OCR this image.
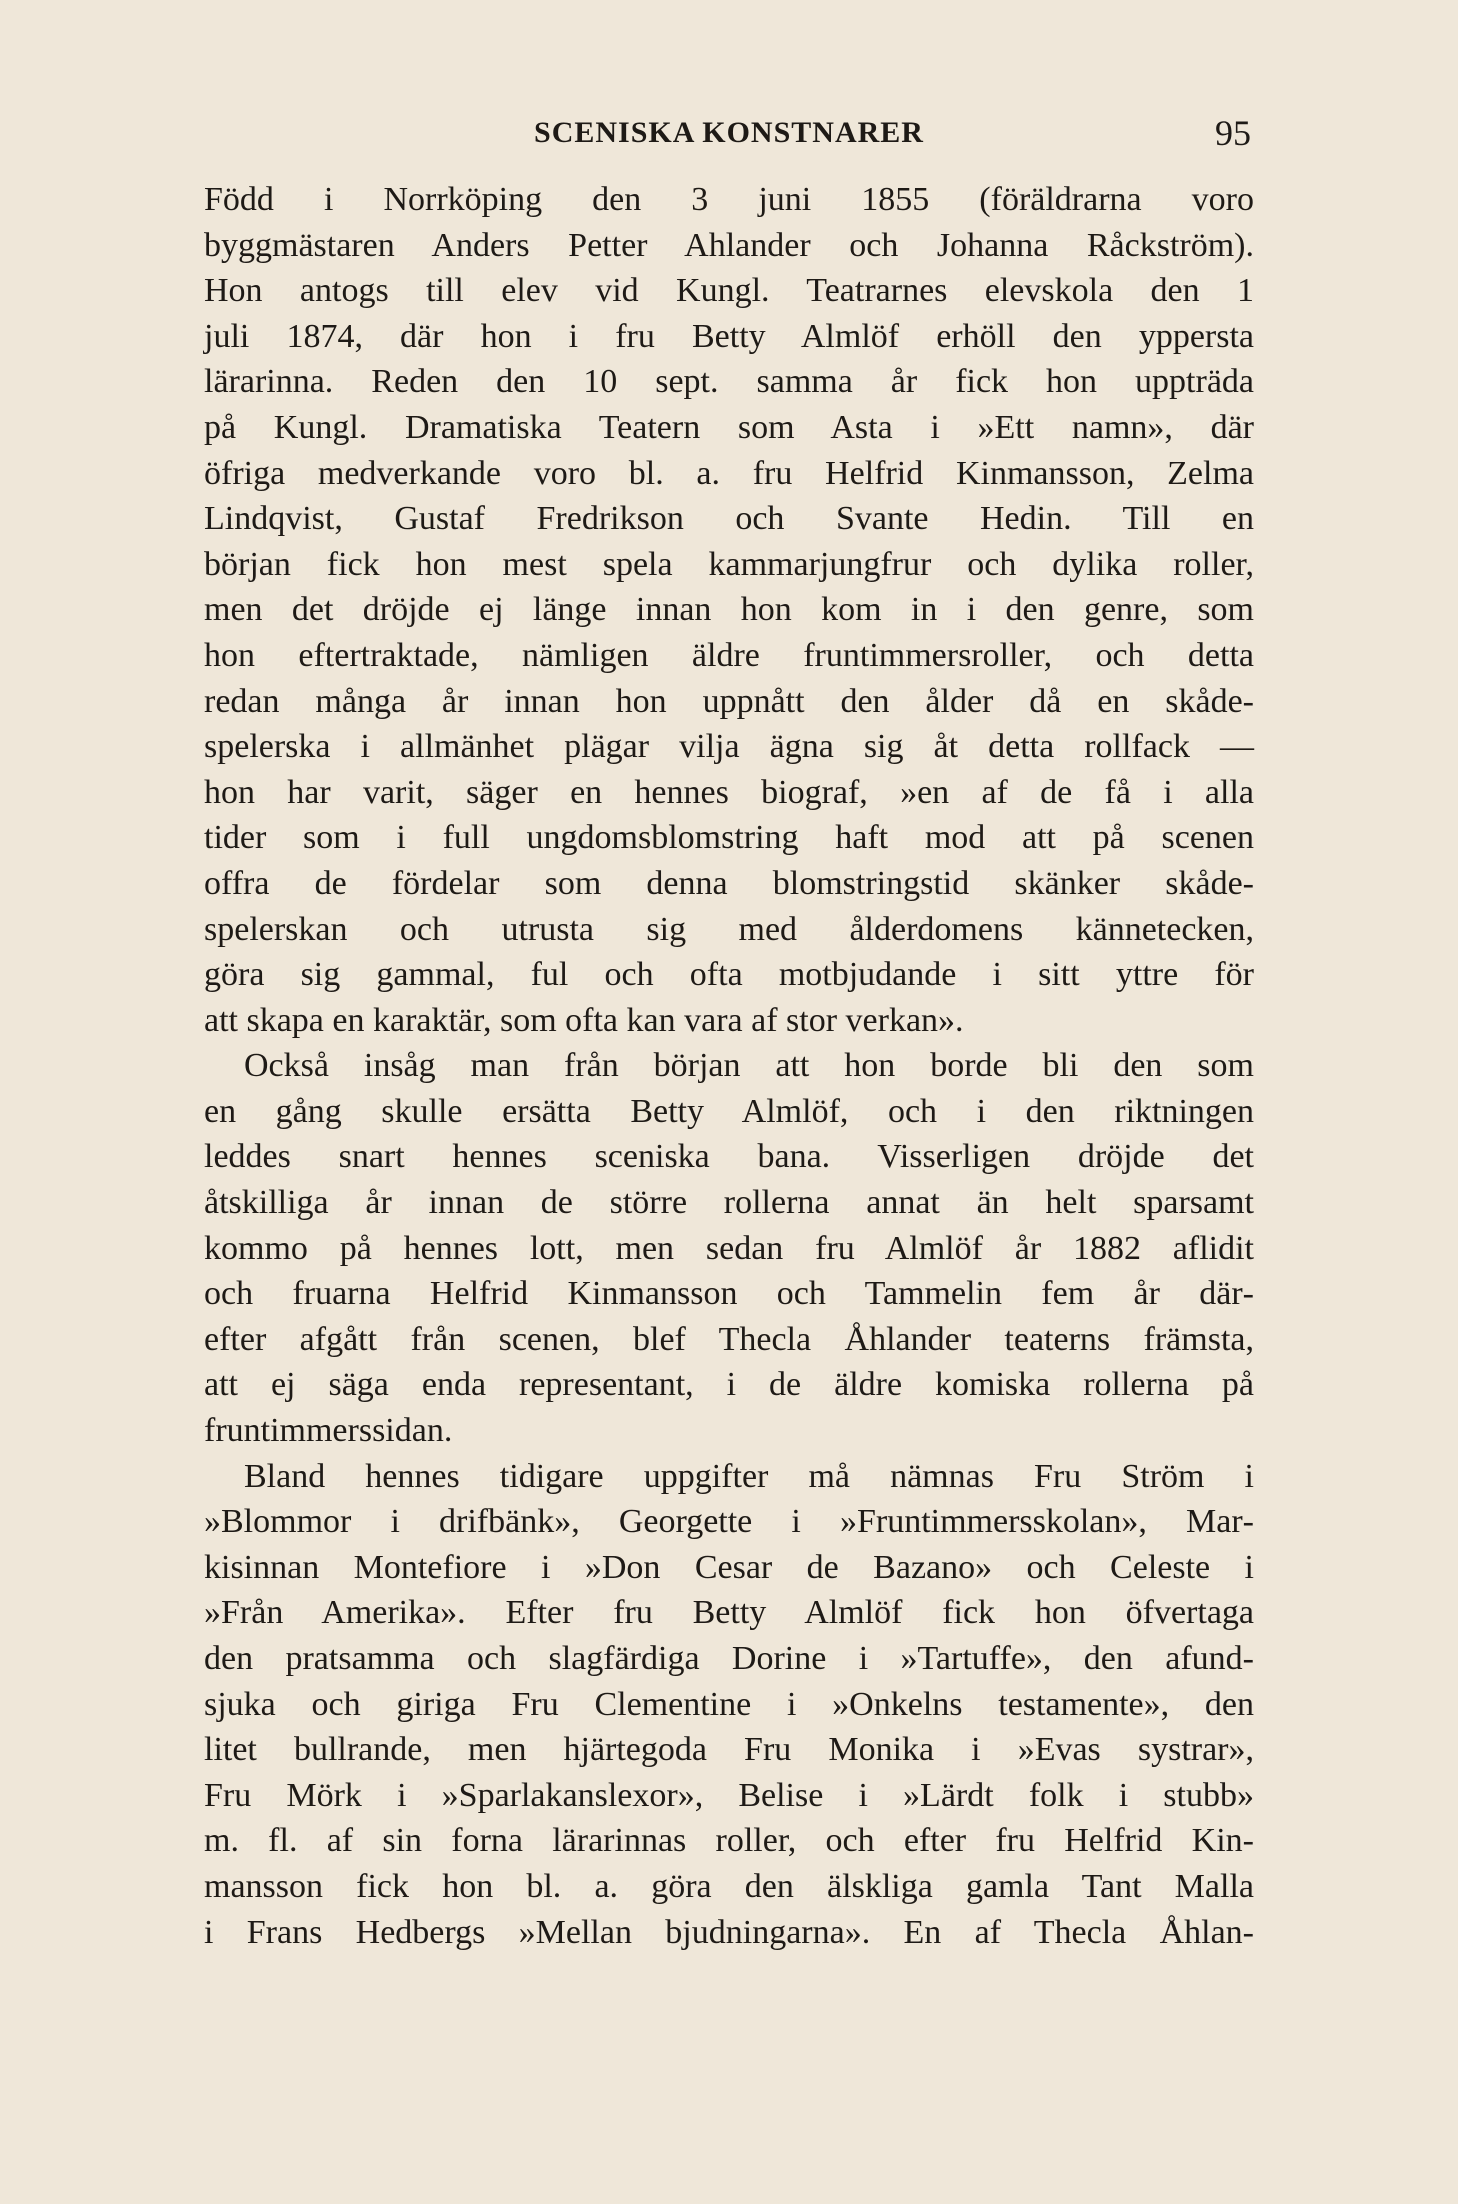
SCENISKA KONSTNARER	95
Född i Norrköping den 3 juni 1855 (föräldrarna voro
byggmästaren Anders Petter Ahlander och Johanna Råckström).
Hon antogs till elev vid Kungl. Teatrarnes elevskola den 1
juli 1874, där hon i fru Betty Almlöf erhöll den yppersta
lärarinna. Reden den 10 sept. samma år fick hon uppträda
på Kungl. Dramatiska Teatern som Asta i »Ett namn», där
öfriga medverkande voro bl. a. fru Helfrid Kinmansson, Zelma
Lindqvist, Gustaf Fredrikson och Svante Hedin. Till en
början fick hon mest spela kammarjungfrur och dylika roller,
men det dröjde ej länge innan hon kom in i den genre, som
hon eftertraktade, nämligen äldre fruntimmersroller, och detta
redan många år innan hon uppnått den ålder då en skåde‑
spelerska i allmänhet plägar vilja ägna sig åt detta rollfack —
hon har varit, säger en hennes biograf, »en af de få i alla
tider som i full ungdomsblomstring haft mod att på scenen
offra de fördelar som denna blomstringstid skänker skåde‑
spelerskan och utrusta sig med ålderdomens kännetecken,
göra sig gammal, ful och ofta motbjudande i sitt yttre för
att skapa en karaktär, som ofta kan vara af stor verkan».
Också insåg man från början att hon borde bli den som
en gång skulle ersätta Betty Almlöf, och i den riktningen
leddes snart hennes sceniska bana. Visserligen dröjde det
åtskilliga år innan de större rollerna annat än helt sparsamt
kommo på hennes lott, men sedan fru Almlöf år 1882 aflidit
och fruarna Helfrid Kinmansson och Tammelin fem år där‑
efter afgått från scenen, blef Thecla Åhlander teaterns främsta,
att ej säga enda representant, i de äldre komiska rollerna på
fruntimmerssidan.
Bland hennes tidigare uppgifter må nämnas Fru Ström i
»Blommor i drifbänk», Georgette i »Fruntimmersskolan», Mar‑
kisinnan Montefiore i »Don Cesar de Bazano» och Celeste i
»Från Amerika». Efter fru Betty Almlöf fick hon öfvertaga
den pratsamma och slagfärdiga Dorine i »Tartuffe», den afund‑
sjuka och giriga Fru Clementine i »Onkelns testamente», den
litet bullrande, men hjärtegoda Fru Monika i »Evas systrar»,
Fru Mörk i »Sparlakanslexor», Belise i »Lärdt folk i stubb»
m. fl. af sin forna lärarinnas roller, och efter fru Helfrid Kin‑
mansson fick hon bl. a. göra den älskliga gamla Tant Malla
i Frans Hedbergs »Mellan bjudningarna». En af Thecla Åhlan‑
